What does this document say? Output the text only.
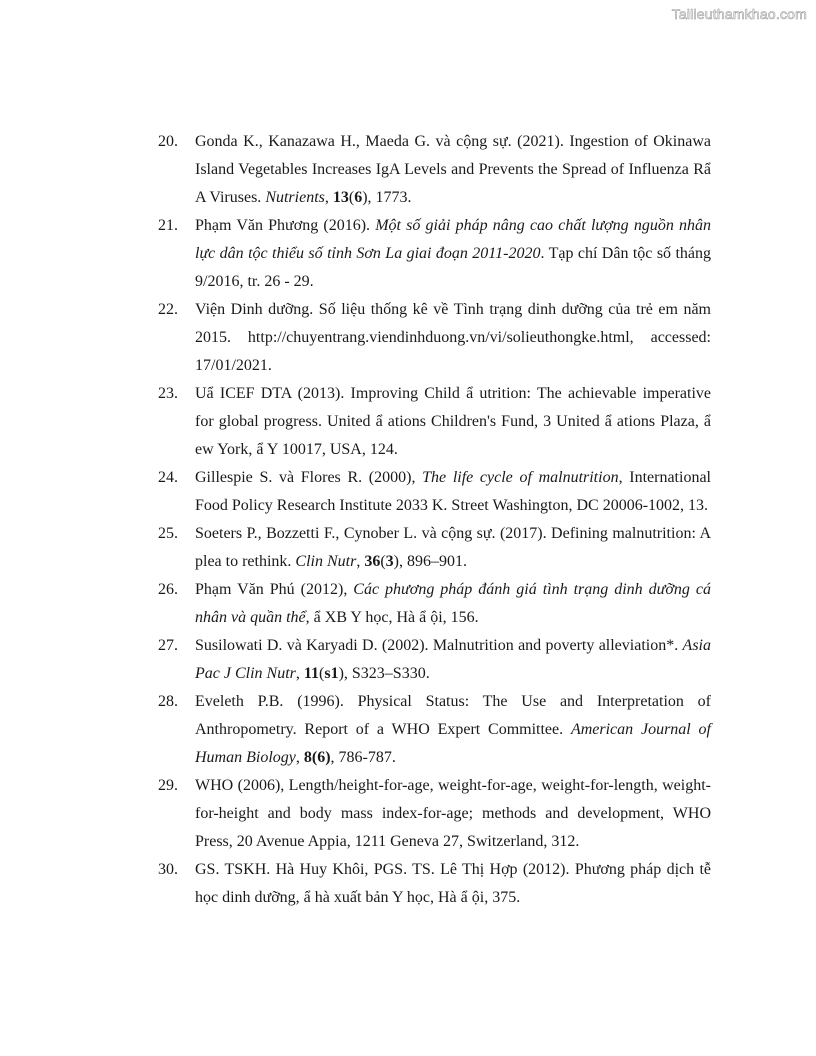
Tailieuthamkhao.com
20.	Gonda K., Kanazawa H., Maeda G. và cộng sự. (2021). Ingestion of Okinawa Island Vegetables Increases IgA Levels and Prevents the Spread of Influenza Rẩ A Viruses. Nutrients, 13(6), 1773.
21.	Phạm Văn Phương (2016). Một số giải pháp nâng cao chất lượng nguồn nhân lực dân tộc thiểu số tỉnh Sơn La giai đoạn 2011-2020. Tạp chí Dân tộc số tháng 9/2016, tr. 26 - 29.
22.	Viện Dinh dưỡng. Số liệu thống kê về Tình trạng dinh dưỡng của trẻ em năm 2015. http://chuyentrang.viendinhduong.vn/vi/solieuthongke.html, accessed: 17/01/2021.
23.	Uẩ ICEF DTA (2013). Improving Child ẩ utrition: The achievable imperative for global progress. United ẩ ations Children's Fund, 3 United ẩ ations Plaza, ẩ ew York, ẩ Y 10017, USA, 124.
24.	Gillespie S. và Flores R. (2000), The life cycle of malnutrition, International Food Policy Research Institute 2033 K. Street Washington, DC 20006-1002, 13.
25.	Soeters P., Bozzetti F., Cynober L. và cộng sự. (2017). Defining malnutrition: A plea to rethink. Clin Nutr, 36(3), 896–901.
26.	Phạm Văn Phú (2012), Các phương pháp đánh giá tình trạng dinh dưỡng cá nhân và quần thể, ẩ XB Y học, Hà ẩ ội, 156.
27.	Susilowati D. và Karyadi D. (2002). Malnutrition and poverty alleviation*. Asia Pac J Clin Nutr, 11(s1), S323–S330.
28.	Eveleth P.B. (1996). Physical Status: The Use and Interpretation of Anthropometry. Report of a WHO Expert Committee. American Journal of Human Biology, 8(6), 786-787.
29.	WHO (2006), Length/height-for-age, weight-for-age, weight-for-length, weight-for-height and body mass index-for-age; methods and development, WHO Press, 20 Avenue Appia, 1211 Geneva 27, Switzerland, 312.
30.	GS. TSKH. Hà Huy Khôi, PGS. TS. Lê Thị Hợp (2012). Phương pháp dịch tễ học dinh dưỡng, ẩ hà xuất bản Y học, Hà ẩ ội, 375.
